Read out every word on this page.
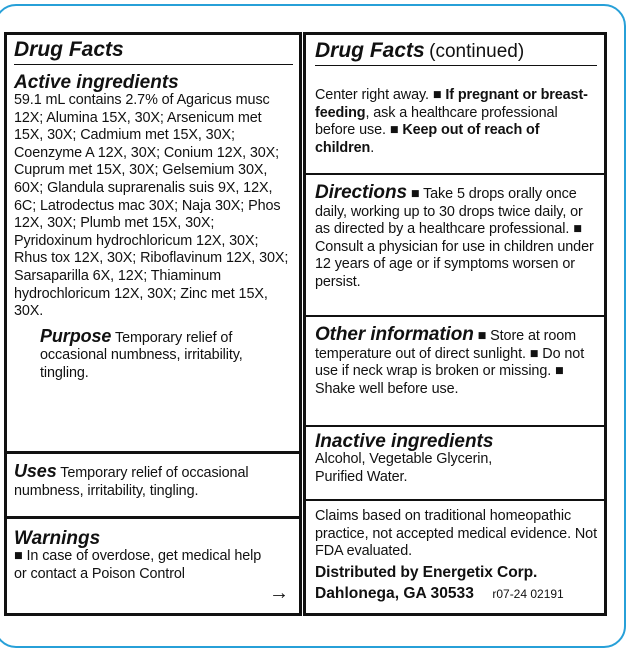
Drug Facts
Active ingredients
59.1 mL contains 2.7% of Agaricus musc 12X; Alumina 15X, 30X; Arsenicum met 15X, 30X; Cadmium met 15X, 30X; Coenzyme A 12X, 30X; Conium 12X, 30X; Cuprum met 15X, 30X; Gelsemium 30X, 60X; Glandula suprarenalis suis 9X, 12X, 6C; Latrodectus mac 30X; Naja 30X; Phos 12X, 30X; Plumb met 15X, 30X; Pyridoxinum hydrochloricum 12X, 30X; Rhus tox 12X, 30X; Riboflavinum 12X, 30X; Sarsaparilla 6X, 12X; Thiaminum hydrochloricum 12X, 30X; Zinc met 15X, 30X.
Purpose Temporary relief of occasional numbness, irritability, tingling.
Uses Temporary relief of occasional numbness, irritability, tingling.
Warnings
■ In case of overdose, get medical help or contact a Poison Control
→
Drug Facts (continued)
Center right away. ■ If pregnant or breast-feeding, ask a healthcare professional before use. ■ Keep out of reach of children.
Directions ■ Take 5 drops orally once daily, working up to 30 drops twice daily, or as directed by a healthcare professional. ■ Consult a physician for use in children under 12 years of age or if symptoms worsen or persist.
Other information ■ Store at room temperature out of direct sunlight. ■ Do not use if neck wrap is broken or missing. ■ Shake well before use.
Inactive ingredients
Alcohol, Vegetable Glycerin,
Purified Water.
Claims based on traditional homeopathic practice, not accepted medical evidence. Not FDA evaluated.
Distributed by Energetix Corp.
Dahlonega, GA 30533 r07-24 02191
